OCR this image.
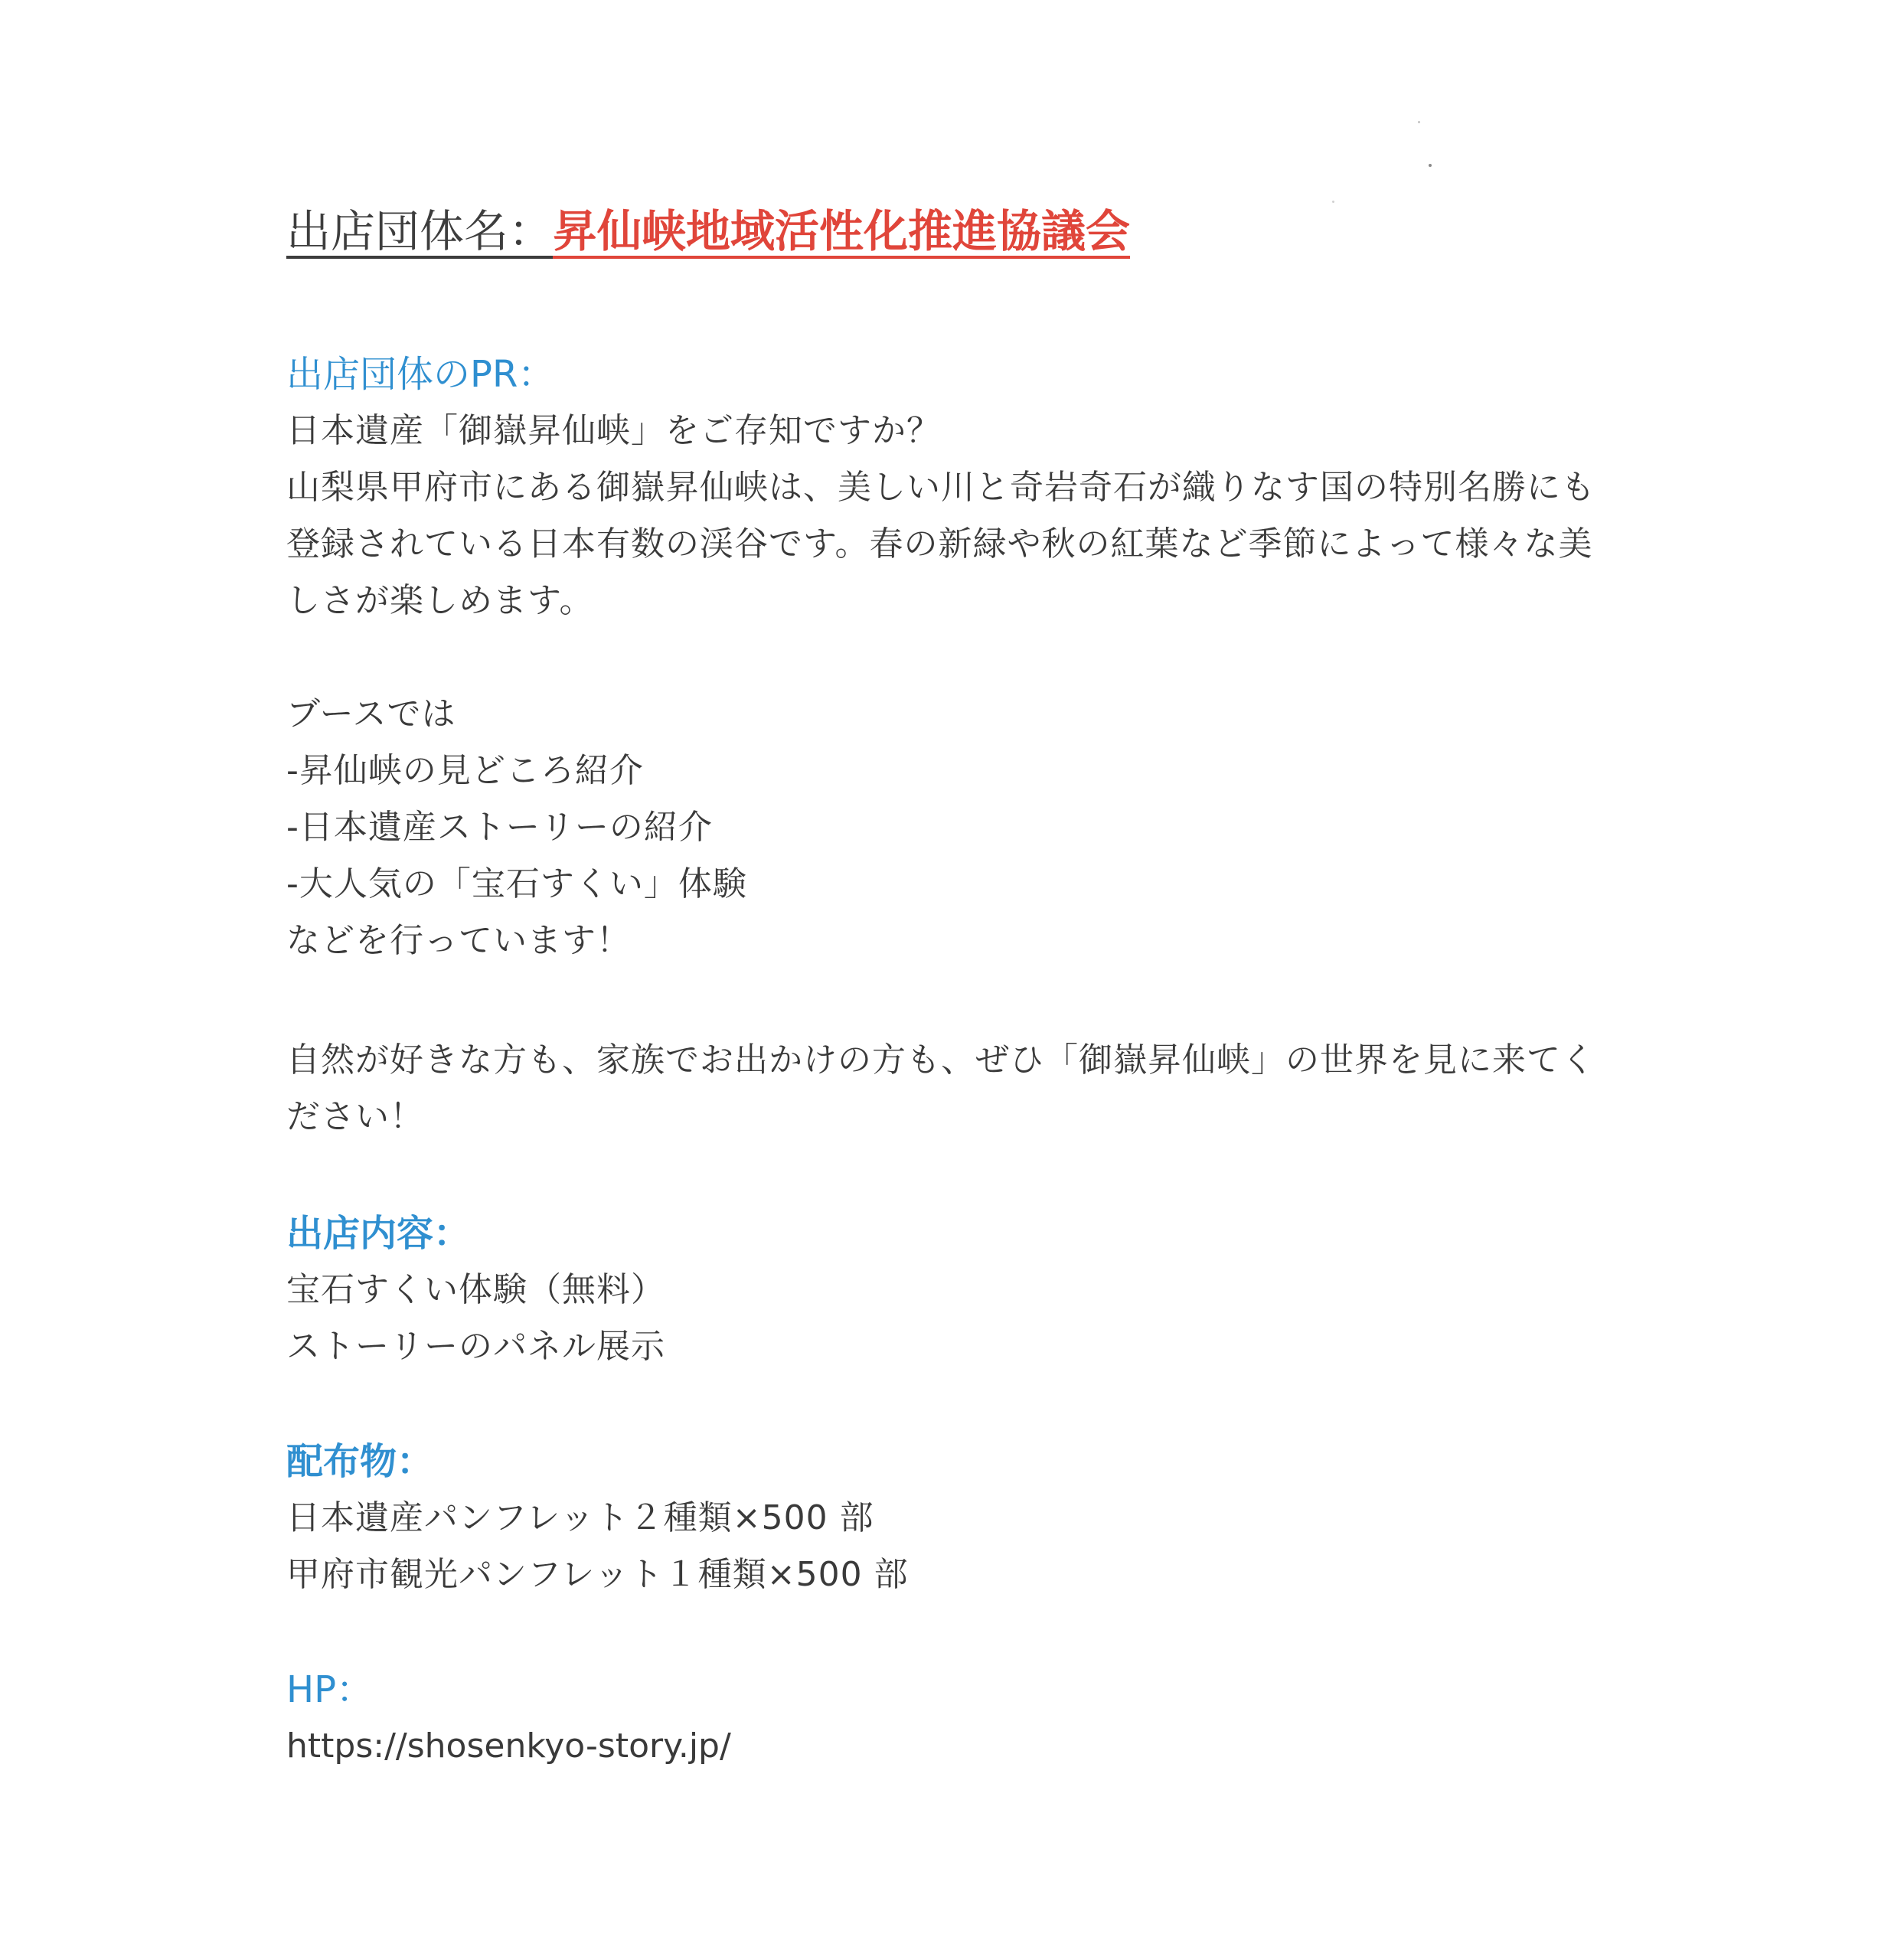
出店団体名：昇仙峡地域活性化推進協議会
出店団体のPR：
日本遺産「御嶽昇仙峡」をご存知ですか？
山梨県甲府市にある御嶽昇仙峡は、美しい川と奇岩奇石が織りなす国の特別名勝にも
登録されている日本有数の渓谷です。春の新緑や秋の紅葉など季節によって様々な美
しさが楽しめます。
ブースでは
-昇仙峡の見どころ紹介
-日本遺産ストーリーの紹介
-大人気の「宝石すくい」体験
などを行っています！
自然が好きな方も、家族でお出かけの方も、ぜひ「御嶽昇仙峡」の世界を見に来てく
ださい！
出店内容：
宝石すくい体験（無料）
ストーリーのパネル展示
配布物：
日本遺産パンフレット２種類×500 部
甲府市観光パンフレット１種類×500 部
HP：
https://shosenkyo-story.jp/
